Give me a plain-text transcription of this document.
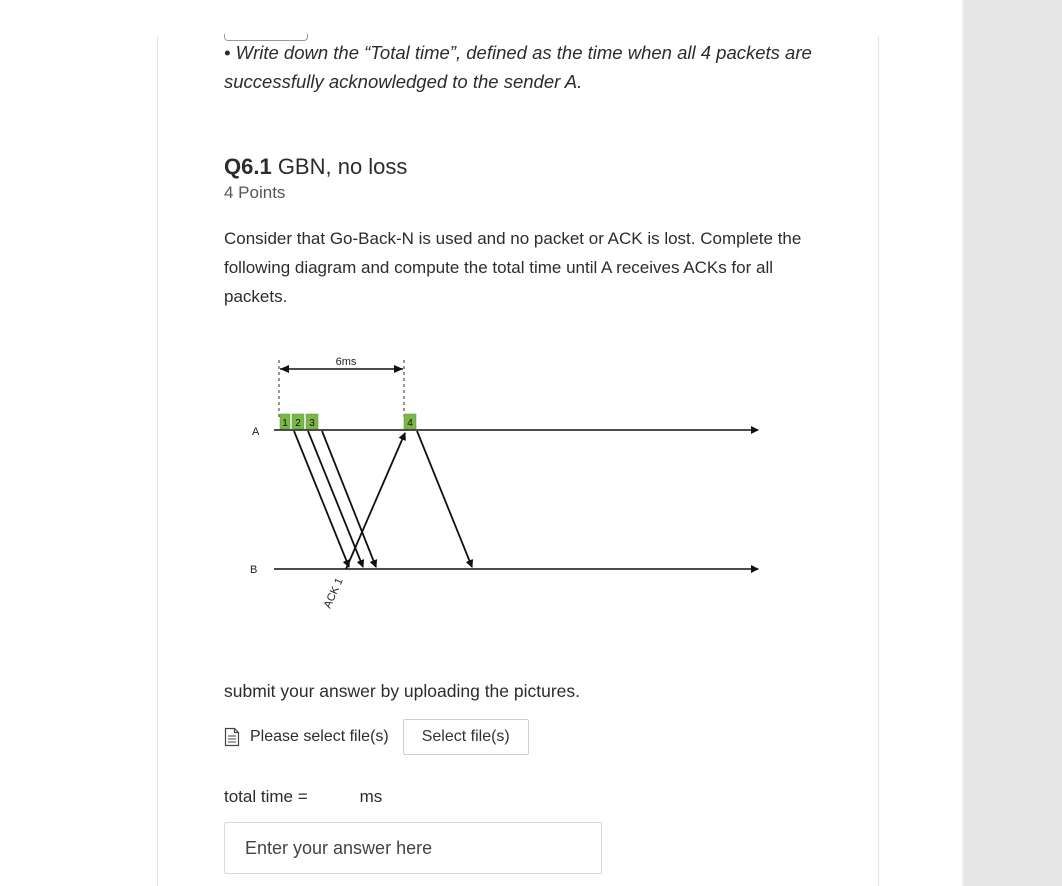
• Write down the “Total time”, defined as the time when all 4 packets are successfully acknowledged to the sender A.
Q6.1 GBN, no loss
4 Points
Consider that Go-Back-N is used and no packet or ACK is lost. Complete the following diagram and compute the total time until A receives ACKs for all packets.
6ms
A
B
1 2 3	4
ACK 1
submit your answer by uploading the pictures.
Please select file(s)	Select file(s)
total time =	ms
Enter your answer here
